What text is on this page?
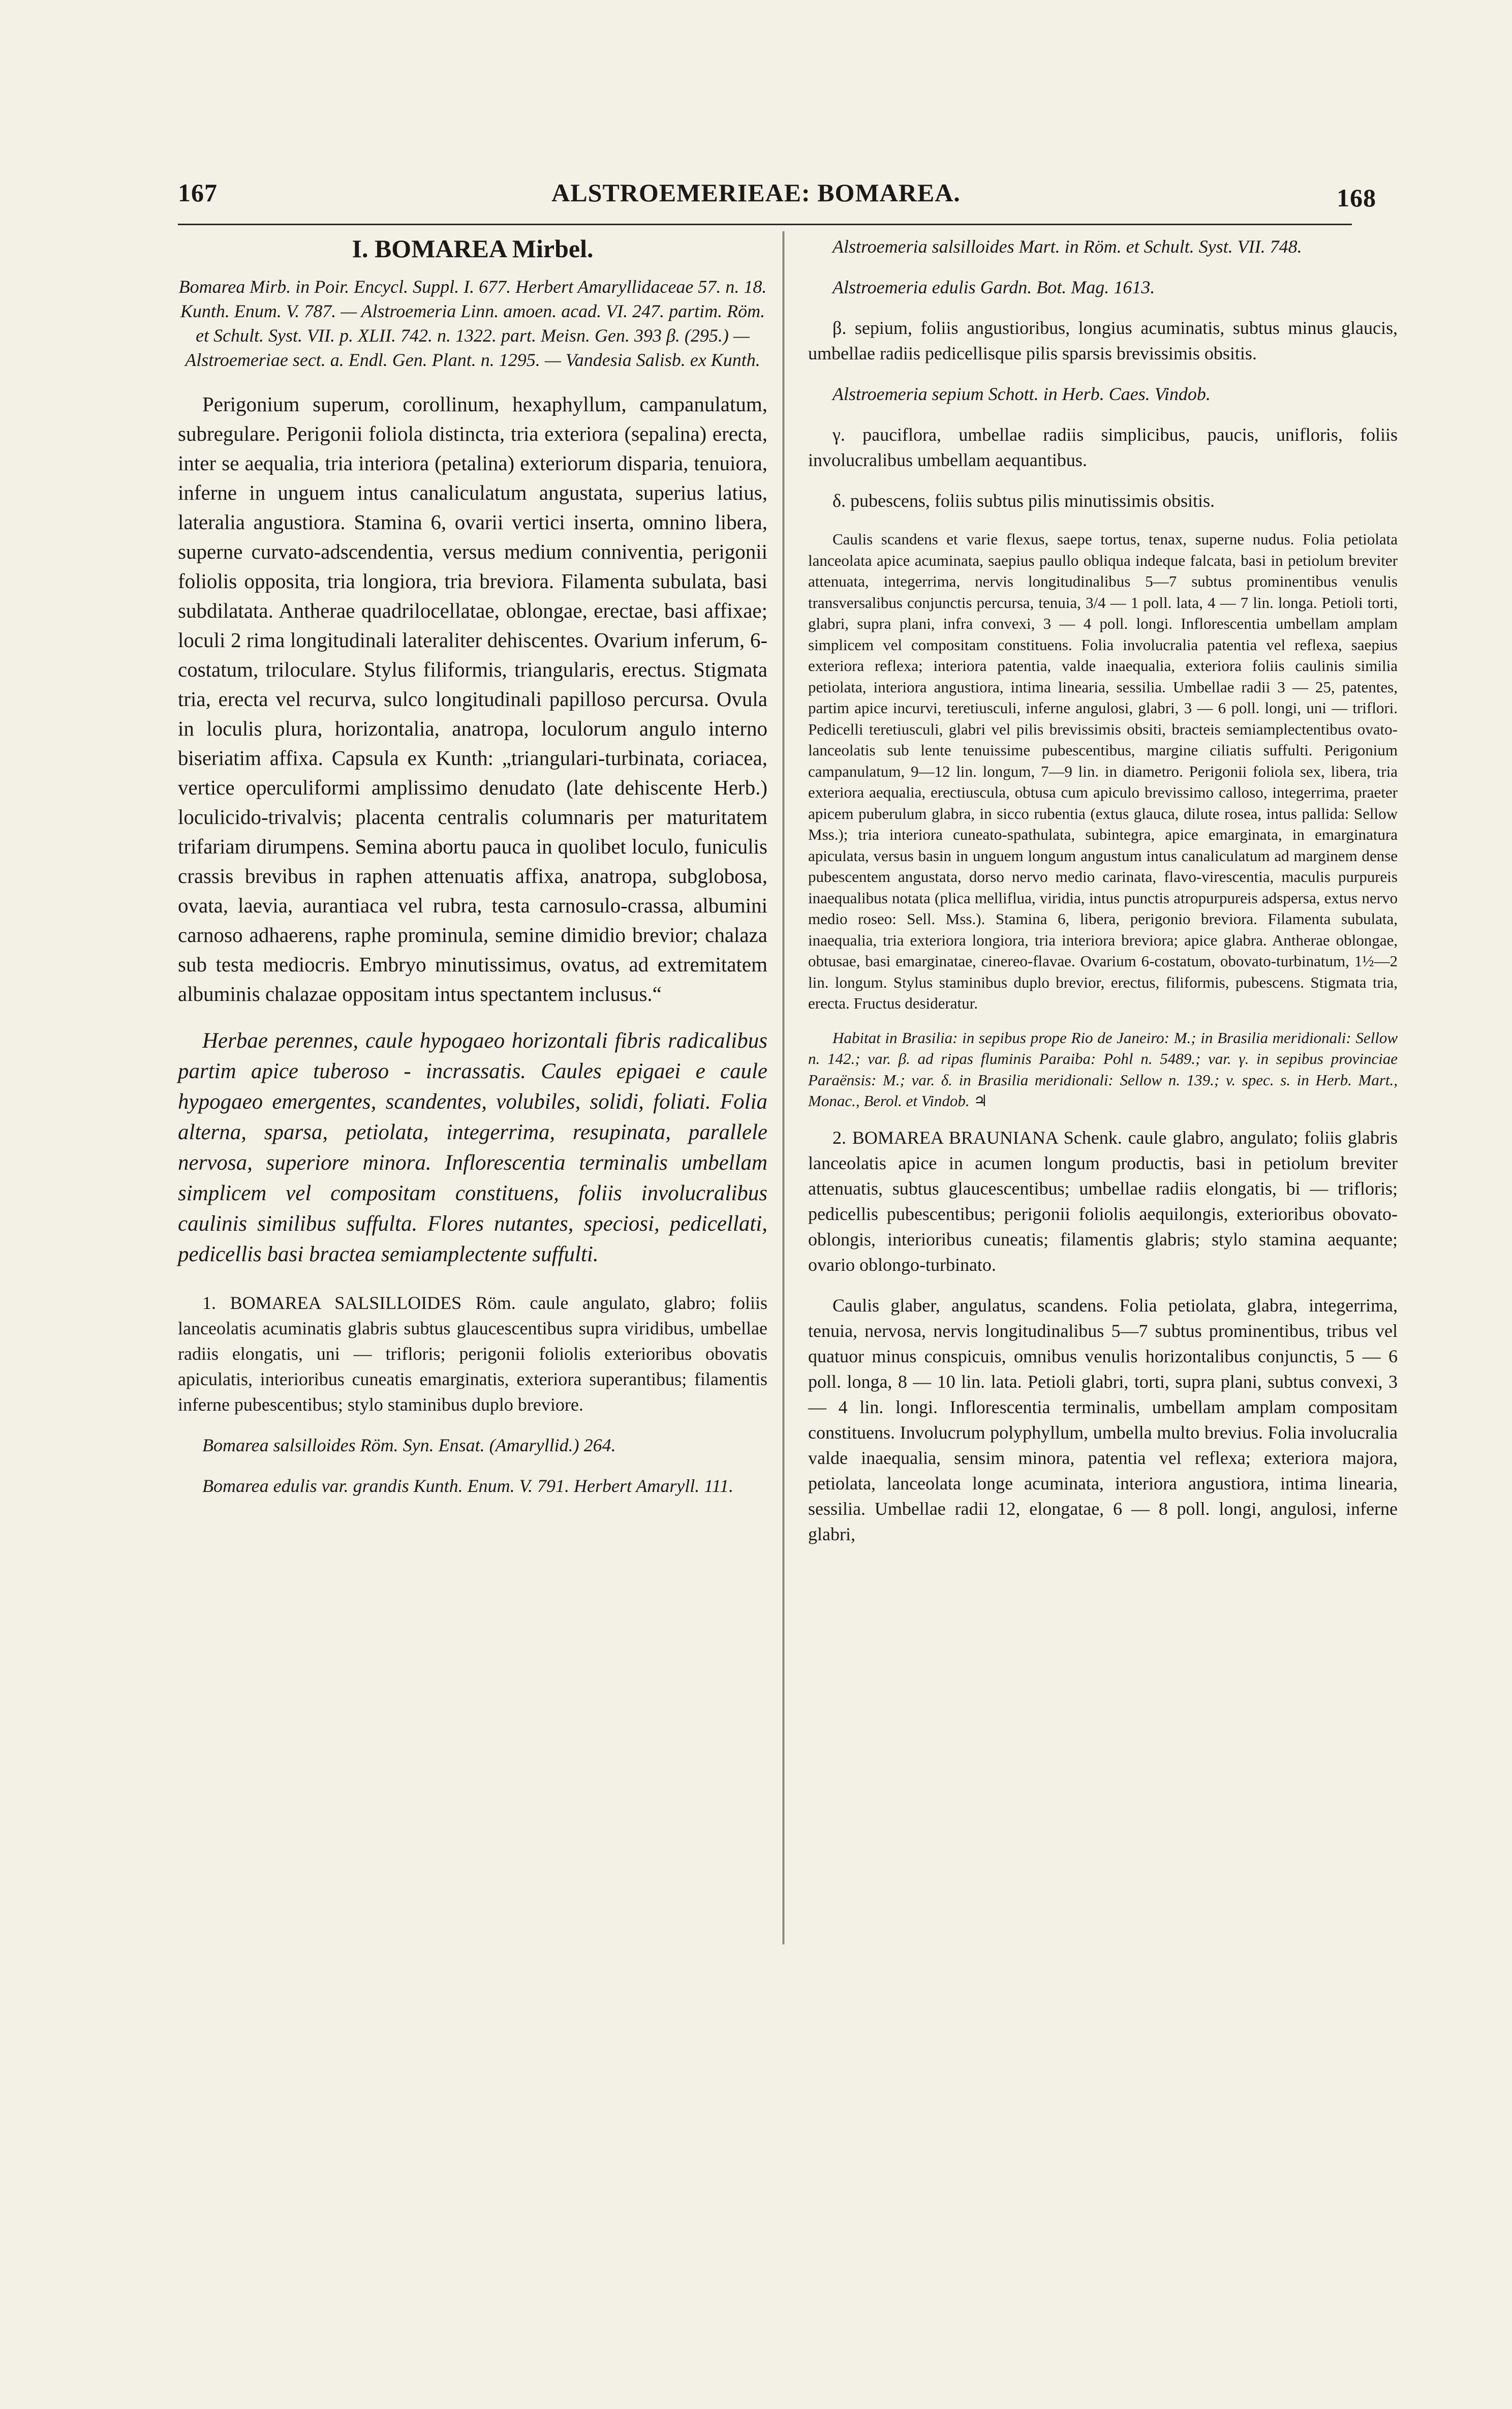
167	ALSTROEMERIEAE: BOMAREA.	168

I. BOMAREA Mirbel.

Bomarea Mirb. in Poir. Encycl. Suppl. I. 677. Herbert Amaryllidaceae 57. n. 18. Kunth. Enum. V. 787. — Alstroemeria Linn. amoen. acad. VI. 247. partim. Röm. et Schult. Syst. VII. p. XLII. 742. n. 1322. part. Meisn. Gen. 393 β. (295.) — Alstroemeriae sect. a. Endl. Gen. Plant. n. 1295. — Vandesia Salisb. ex Kunth.

Perigonium superum, corollinum, hexaphyllum, campanulatum, subregulare. Perigonii foliola distincta, tria exteriora (sepalina) erecta, inter se aequalia, tria interiora (petalina) exteriorum disparia, tenuiora, inferne in unguem intus canaliculatum angustata, superius latius, lateralia angustiora. Stamina 6, ovarii vertici inserta, omnino libera, superne curvato-adscendentia, versus medium conniventia, perigonii foliolis opposita, tria longiora, tria breviora. Filamenta subulata, basi subdilatata. Antherae quadrilocellatae, oblongae, erectae, basi affixae; loculi 2 rima longitudinali lateraliter dehiscentes. Ovarium inferum, 6-costatum, triloculare. Stylus filiformis, triangularis, erectus. Stigmata tria, erecta vel recurva, sulco longitudinali papilloso percursa. Ovula in loculis plura, horizontalia, anatropa, loculorum angulo interno biseriatim affixa. Capsula ex Kunth: „triangulari-turbinata, coriacea, vertice operculiformi amplissimo denudato (late dehiscente Herb.) loculicido-trivalvis; placenta centralis columnaris per maturitatem trifariam dirumpens. Semina abortu pauca in quolibet loculo, funiculis crassis brevibus in raphen attenuatis affixa, anatropa, subglobosa, ovata, laevia, aurantiaca vel rubra, testa carnosulo-crassa, albumini carnoso adhaerens, raphe prominula, semine dimidio brevior; chalaza sub testa mediocris. Embryo minutissimus, ovatus, ad extremitatem albuminis chalazae oppositam intus spectantem inclusus.“

Herbae perennes, caule hypogaeo horizontali fibris radicalibus partim apice tuberoso - incrassatis. Caules epigaei e caule hypogaeo emergentes, scandentes, volubiles, solidi, foliati. Folia alterna, sparsa, petiolata, integerrima, resupinata, parallele nervosa, superiore minora. Inflorescentia terminalis umbellam simplicem vel compositam constituens, foliis involucralibus caulinis similibus suffulta. Flores nutantes, speciosi, pedicellati, pedicellis basi bractea semiamplectente suffulti.

1. BOMAREA SALSILLOIDES Röm. caule angulato, glabro; foliis lanceolatis acuminatis glabris subtus glaucescentibus supra viridibus, umbellae radiis elongatis, uni — trifloris; perigonii foliolis exterioribus obovatis apiculatis, interioribus cuneatis emarginatis, exteriora superantibus; filamentis inferne pubescentibus; stylo staminibus duplo breviore.

Bomarea salsilloides Röm. Syn. Ensat. (Amaryllid.) 264.

Bomarea edulis var. grandis Kunth. Enum. V. 791. Herbert Amaryll. 111.

Alstroemeria salsilloides Mart. in Röm. et Schult. Syst. VII. 748.

Alstroemeria edulis Gardn. Bot. Mag. 1613.

β. sepium, foliis angustioribus, longius acuminatis, subtus minus glaucis, umbellae radiis pedicellisque pilis sparsis brevissimis obsitis.

Alstroemeria sepium Schott. in Herb. Caes. Vindob.

γ. pauciflora, umbellae radiis simplicibus, paucis, unifloris, foliis involucralibus umbellam aequantibus.

δ. pubescens, foliis subtus pilis minutissimis obsitis.

Caulis scandens et varie flexus, saepe tortus, tenax, superne nudus. Folia petiolata lanceolata apice acuminata, saepius paullo obliqua indeque falcata, basi in petiolum breviter attenuata, integerrima, nervis longitudinalibus 5—7 subtus prominentibus venulis transversalibus conjunctis percursa, tenuia, 3/4 — 1 poll. lata, 4 — 7 lin. longa. Petioli torti, glabri, supra plani, infra convexi, 3 — 4 poll. longi. Inflorescentia umbellam amplam simplicem vel compositam constituens. Folia involucralia patentia vel reflexa, saepius exteriora reflexa; interiora patentia, valde inaequalia, exteriora foliis caulinis similia petiolata, interiora angustiora, intima linearia, sessilia. Umbellae radii 3 — 25, patentes, partim apice incurvi, teretiusculi, inferne angulosi, glabri, 3 — 6 poll. longi, uni — triflori. Pedicelli teretiusculi, glabri vel pilis brevissimis obsiti, bracteis semiamplectentibus ovato-lanceolatis sub lente tenuissime pubescentibus, margine ciliatis suffulti. Perigonium campanulatum, 9—12 lin. longum, 7—9 lin. in diametro. Perigonii foliola sex, libera, tria exteriora aequalia, erectiuscula, obtusa cum apiculo brevissimo calloso, integerrima, praeter apicem puberulum glabra, in sicco rubentia (extus glauca, dilute rosea, intus pallida: Sellow Mss.); tria interiora cuneato-spathulata, subintegra, apice emarginata, in emarginatura apiculata, versus basin in unguem longum angustum intus canaliculatum ad marginem dense pubescentem angustata, dorso nervo medio carinata, flavo-virescentia, maculis purpureis inaequalibus notata (plica melliflua, viridia, intus punctis atropurpureis adspersa, extus nervo medio roseo: Sell. Mss.). Stamina 6, libera, perigonio breviora. Filamenta subulata, inaequalia, tria exteriora longiora, tria interiora breviora; apice glabra. Antherae oblongae, obtusae, basi emarginatae, cinereo-flavae. Ovarium 6-costatum, obovato-turbinatum, 1½—2 lin. longum. Stylus staminibus duplo brevior, erectus, filiformis, pubescens. Stigmata tria, erecta. Fructus desideratur.

Habitat in Brasilia: in sepibus prope Rio de Janeiro: M.; in Brasilia meridionali: Sellow n. 142.; var. β. ad ripas fluminis Paraiba: Pohl n. 5489.; var. γ. in sepibus provinciae Paraënsis: M.; var. δ. in Brasilia meridionali: Sellow n. 139.; v. spec. s. in Herb. Mart., Monac., Berol. et Vindob. ♃

2. BOMAREA BRAUNIANA Schenk. caule glabro, angulato; foliis glabris lanceolatis apice in acumen longum productis, basi in petiolum breviter attenuatis, subtus glaucescentibus; umbellae radiis elongatis, bi — trifloris; pedicellis pubescentibus; perigonii foliolis aequilongis, exterioribus obovato-oblongis, interioribus cuneatis; filamentis glabris; stylo stamina aequante; ovario oblongo-turbinato.

Caulis glaber, angulatus, scandens. Folia petiolata, glabra, integerrima, tenuia, nervosa, nervis longitudinalibus 5—7 subtus prominentibus, tribus vel quatuor minus conspicuis, omnibus venulis horizontalibus conjunctis, 5 — 6 poll. longa, 8 — 10 lin. lata. Petioli glabri, torti, supra plani, subtus convexi, 3 — 4 lin. longi. Inflorescentia terminalis, umbellam amplam compositam constituens. Involucrum polyphyllum, umbella multo brevius. Folia involucralia valde inaequalia, sensim minora, patentia vel reflexa; exteriora majora, petiolata, lanceolata longe acuminata, interiora angustiora, intima linearia, sessilia. Umbellae radii 12, elongatae, 6 — 8 poll. longi, angulosi, inferne glabri,
